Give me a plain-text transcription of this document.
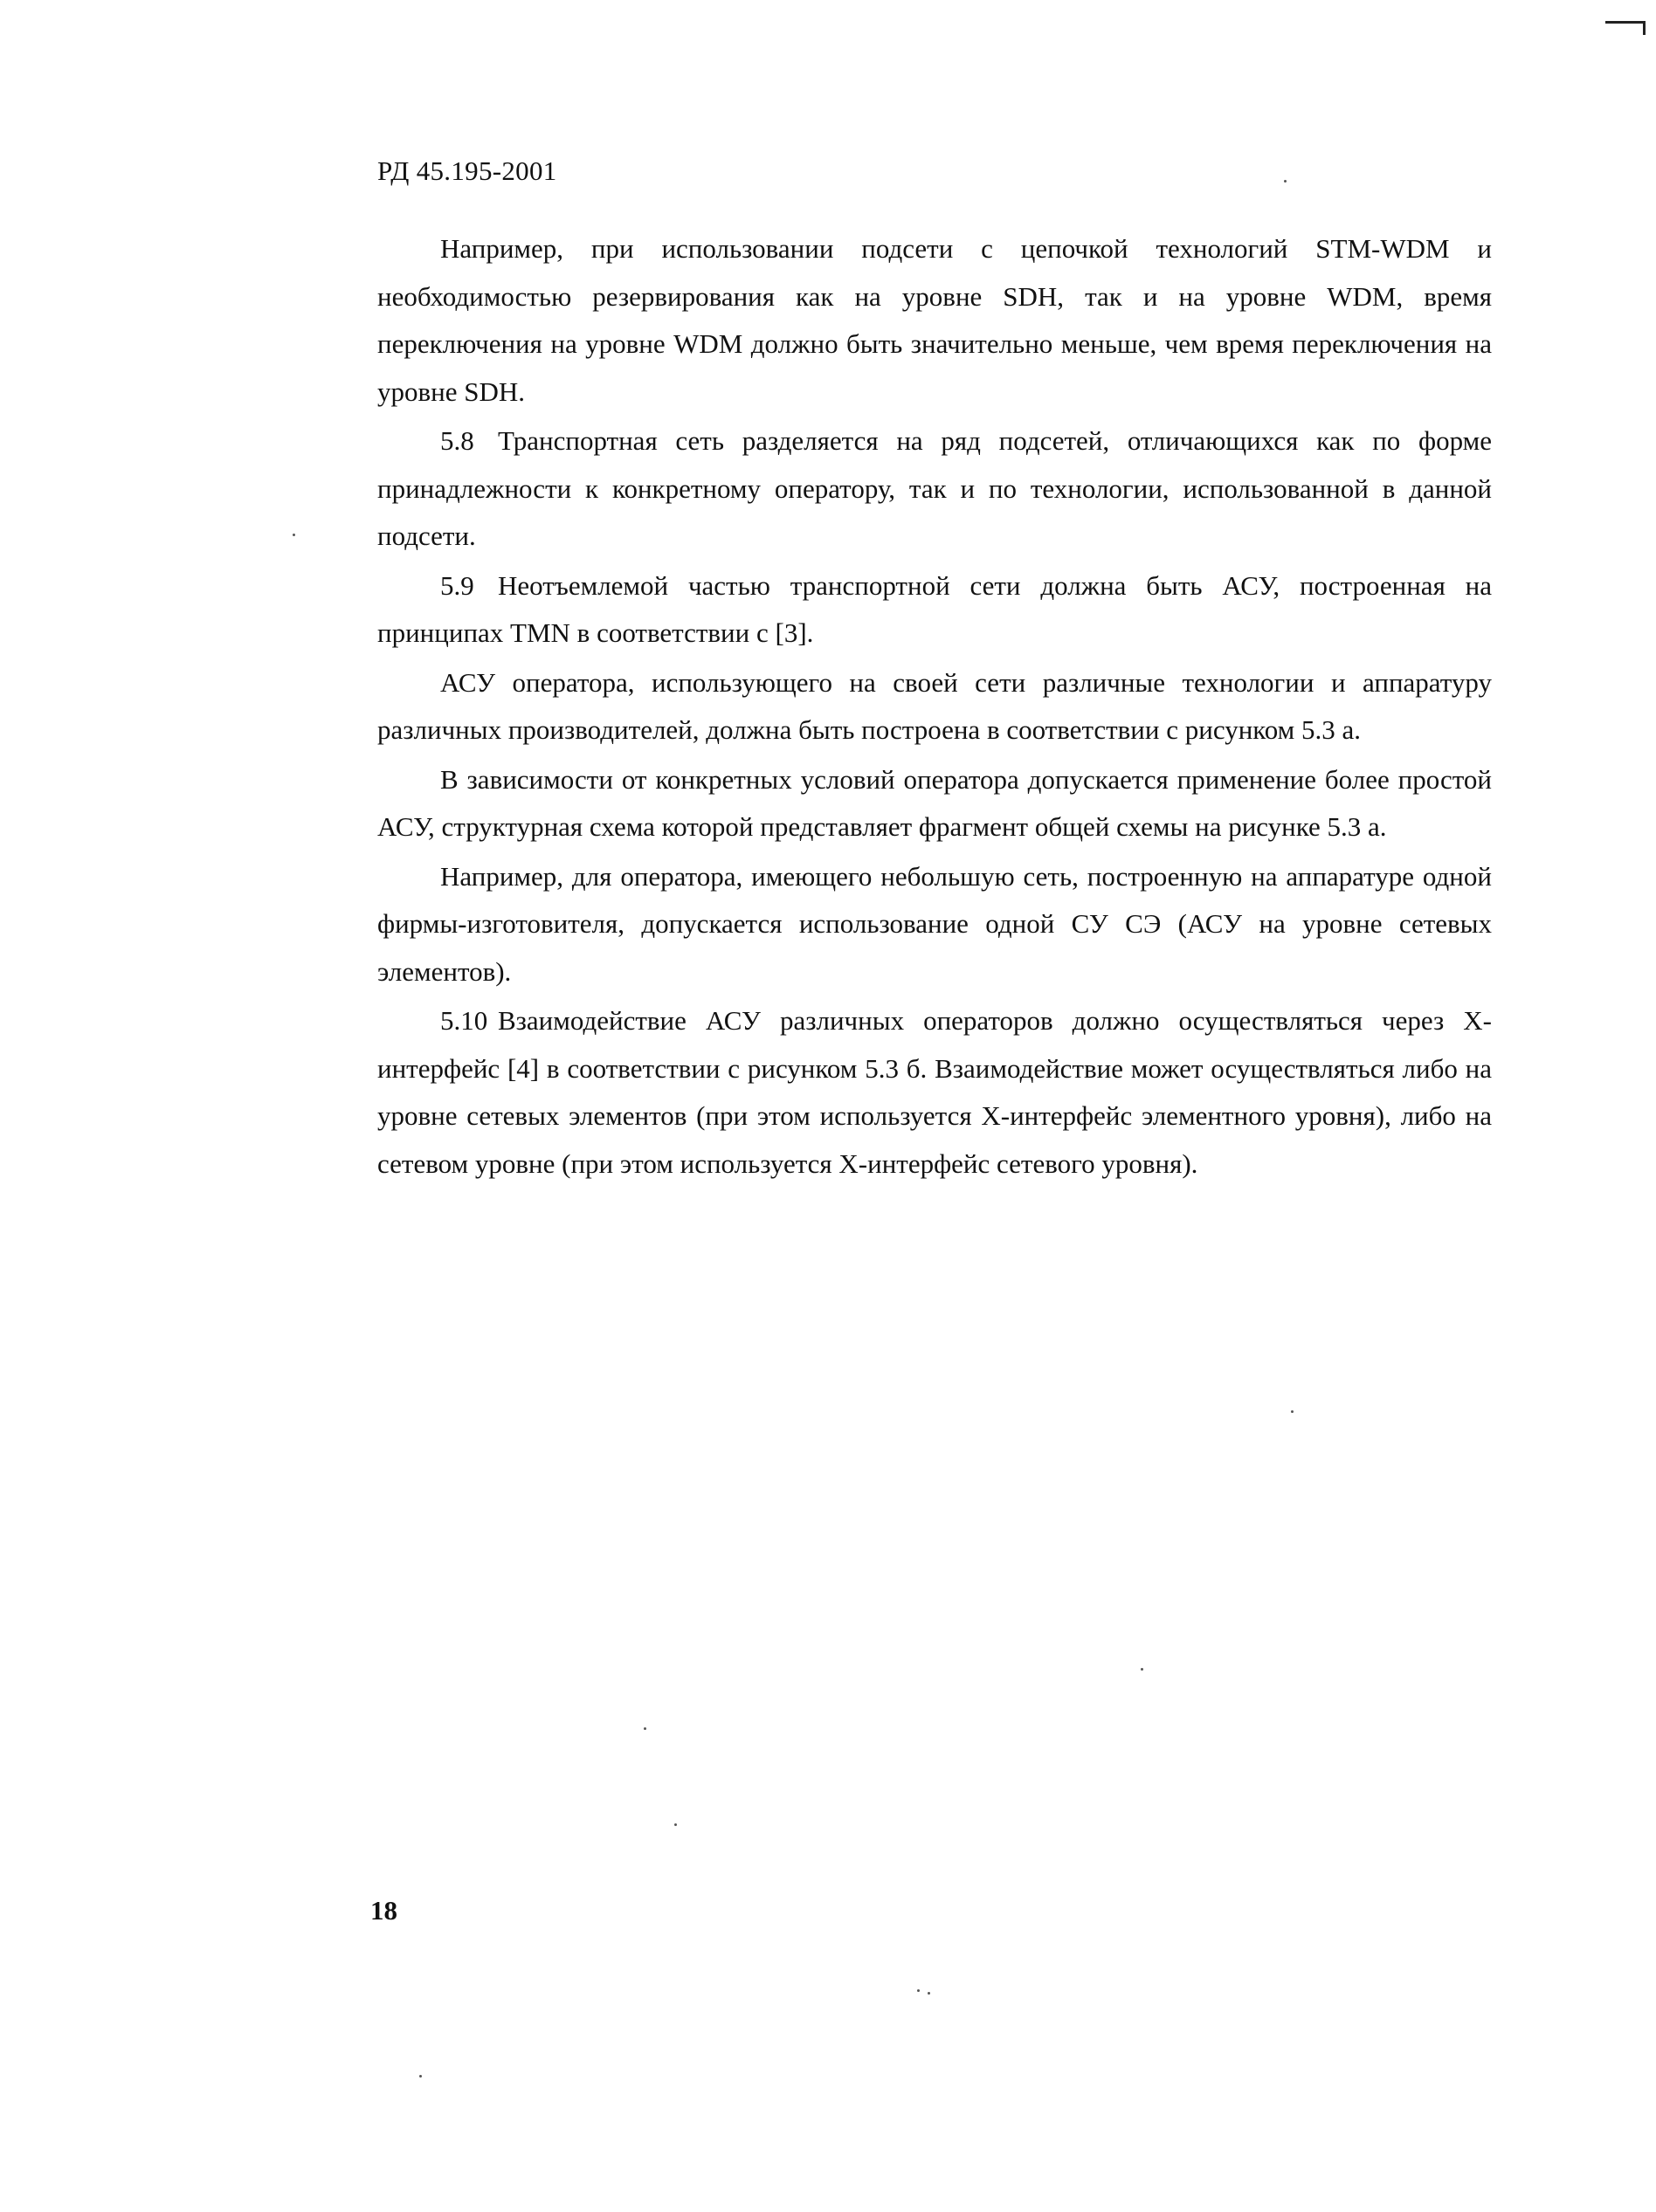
РД 45.195-2001

Например, при использовании подсети с цепочкой технологий STM-WDM и необходимостью резервирования как на уровне SDH, так и на уровне WDM, время переключения на уровне WDM должно быть значительно меньше, чем время переключения на уровне SDH.

5.8 Транспортная сеть разделяется на ряд подсетей, отличающихся как по форме принадлежности к конкретному оператору, так и по технологии, использованной в данной подсети.

5.9 Неотъемлемой частью транспортной сети должна быть АСУ, построенная на принципах TMN в соответствии с [3].

АСУ оператора, использующего на своей сети различные технологии и аппаратуру различных производителей, должна быть построена в соответствии с рисунком 5.3 а.

В зависимости от конкретных условий оператора допускается применение более простой АСУ, структурная схема которой представляет фрагмент общей схемы на рисунке 5.3 а.

Например, для оператора, имеющего небольшую сеть, построенную на аппаратуре одной фирмы-изготовителя, допускается использование одной СУ СЭ (АСУ на уровне сетевых элементов).

5.10 Взаимодействие АСУ различных операторов должно осуществляться через X-интерфейс [4] в соответствии с рисунком 5.3 б. Взаимодействие может осуществляться либо на уровне сетевых элементов (при этом используется X-интерфейс элементного уровня), либо на сетевом уровне (при этом используется X-интерфейс сетевого уровня).

18
